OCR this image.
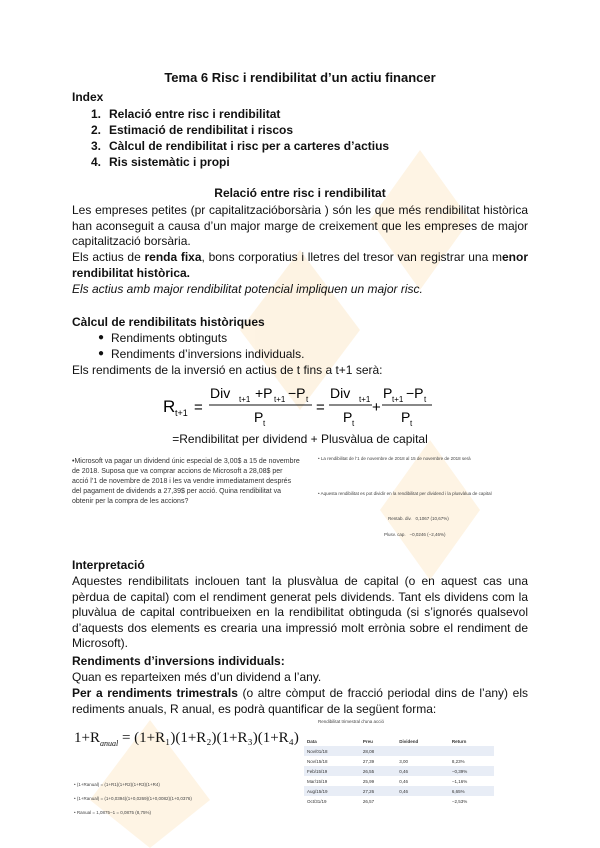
Tema 6 Risc i rendibilitat d’un actiu financer
Index
1. Relació entre risc i rendibilitat
2. Estimació de rendibilitat i riscos
3. Càlcul de rendibilitat i risc per a carteres d’actius
4. Ris sistemàtic i propi
Relació entre risc i rendibilitat
Les empreses petites (pr capitalitzacióborsària ) són les que més rendibilitat històrica han aconseguit a causa d’un major marge de creixement que les empreses de major capitalització borsària.
Els actius de renda fixa, bons corporatius i lletres del tresor van registrar una menor rendibilitat històrica.
Els actius amb major rendibilitat potencial impliquen un major risc.
Càlcul de rendibilitats històriques
● Rendiments obtinguts
● Rendiments d’inversions individuals.
Els rendiments de la inversió en actius de t fins a t+1 serà:
R t+1 =
Div t+1 +P t+1 −P t
P t
=
Div t+1
P t
+
P t+1 −P t
P t
=Rendibilitat per dividend + Plusvàlua de capital
•Microsoft va pagar un dividend únic especial de 3,00$ a 15 de novembre de 2018. Suposa que va comprar accions de Microsoft a 28,08$ per acció l’1 de novembre de 2018 i les va vendre immediatament després del pagament de dividends a 27,39$ per acció. Quina rendibilitat va obtenir per la compra de les accions?
• La rendibilitat de l’1 de novembre de 2018 al 15 de novembre de 2018 serà
• Aquesta rendibilitat es pot dividir en la rendibilitat per dividend i la plusvàlua de capital
Rentab. div. 0,1067 (10,67%)
Plusv. cap. −0,0246 (−2,46%)
Interpretació
Aquestes rendibilitats inclouen tant la plusvàlua de capital (o en aquest cas una pèrdua de capital) com el rendiment generat pels dividends. Tant els dividens com la pluvàlua de capital contribueixen en la rendibilitat obtinguda (si s’ignorés qualsevol d’aquests dos elements es crearia una impressió molt errònia sobre el rendiment de Microsoft).
Rendiments d’inversions individuals:
Quan es reparteixen més d’un dividend a l’any.
Per a rendiments trimestrals (o altre còmput de fracció periodal dins de l’any) els rediments anuals, R anual, es podrà quantificar de la següent forma:
$1+R_{anual} = (1+R_1)(1+R_2)(1+R_3)(1+R_4)$
• (1+Ranual) = (1+R1)(1+R2)(1+R3)(1+R4)
• (1+Ranual) = (1+0,0394)(1+0,0269)(1+0,0082)(1+0,0376)
• Ranual = 1,0875−1 = 0,0875 (8,75%)
Rendibilitat trimestral d’una acció
Data	Preu	Dividend	Return
Nov/01/18	28,08		
Nov/15/18	27,39	3,00	8,23%
Feb/15/19	26,55	0,46	−0,39%
Mar/15/19	25,99	0,46	−1,16%
Aug/15/19	27,26	0,46	6,65%
Oct/31/19	26,57		−2,53%
